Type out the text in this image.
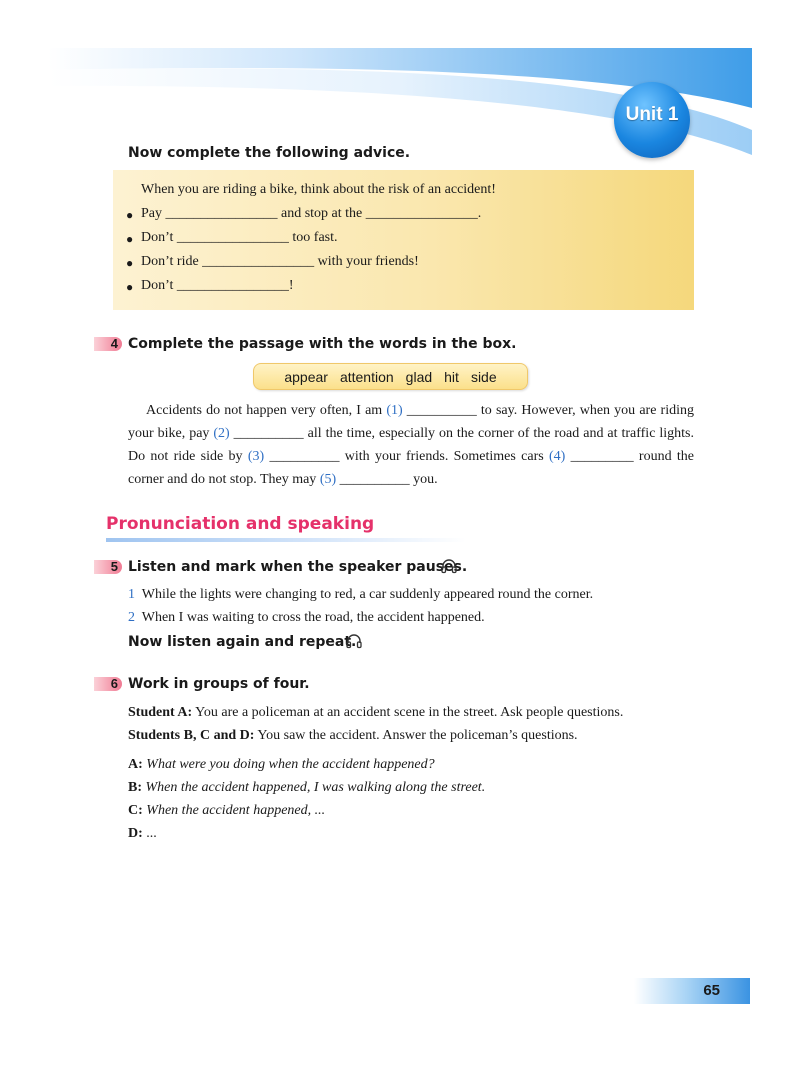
Unit 1
Now complete the following advice.
When you are riding a bike, think about the risk of an accident!
● Pay ________________ and stop at the ________________.
● Don’t ________________ too fast.
● Don’t ride ________________ with your friends!
● Don’t ________________!
4 Complete the passage with the words in the box.
appear attention glad hit side
Accidents do not happen very often, I am (1) __________ to say. However, when you are riding your bike, pay (2) __________ all the time, especially on the corner of the road and at traffic lights. Do not ride side by (3) __________ with your friends. Sometimes cars (4) _________ round the corner and do not stop. They may (5) __________ you.
Pronunciation and speaking
5 Listen and mark when the speaker pauses.
1 While the lights were changing to red, a car suddenly appeared round the corner.
2 When I was waiting to cross the road, the accident happened.
Now listen again and repeat.
6 Work in groups of four.
Student A: You are a policeman at an accident scene in the street. Ask people questions.
Students B, C and D: You saw the accident. Answer the policeman’s questions.
A: What were you doing when the accident happened?
B: When the accident happened, I was walking along the street.
C: When the accident happened, ...
D: ...
65
